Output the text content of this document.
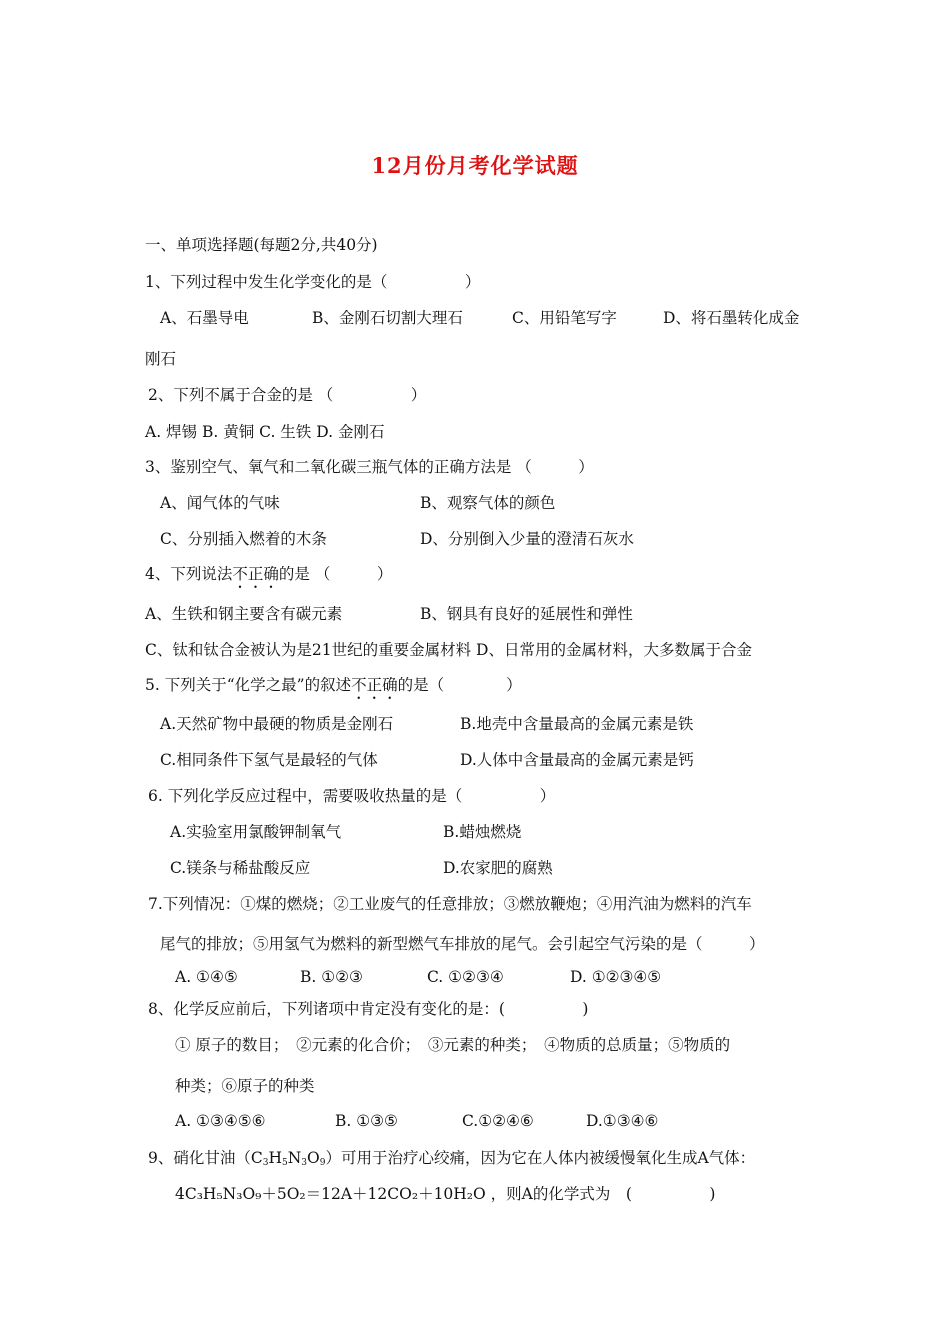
12月份月考化学试题
一、单项选择题(每题2分,共40分)
1、下列过程中发生化学变化的是（　　　　　）
A、石墨导电	B、金刚石切割大理石	C、用铅笔写字	D、将石墨转化成金
刚石
2、下列不属于合金的是 （　　　　　）
A. 焊锡 B. 黄铜 C. 生铁 D. 金刚石
3、鉴别空气、氧气和二氧化碳三瓶气体的正确方法是 （　　　）
A、闻气体的气味	B、观察气体的颜色
C、分别插入燃着的木条	D、分别倒入少量的澄清石灰水
4、下列说法不正确的是 （　　　）
A、生铁和钢主要含有碳元素	B、钢具有良好的延展性和弹性
C、钛和钛合金被认为是21世纪的重要金属材料 D、日常用的金属材料，大多数属于合金
5. 下列关于“化学之最”的叙述不正确的是（　　　　）
A.天然矿物中最硬的物质是金刚石	B.地壳中含量最高的金属元素是铁
C.相同条件下氢气是最轻的气体	D.人体中含量最高的金属元素是钙
6. 下列化学反应过程中，需要吸收热量的是（　　　　　）
A.实验室用氯酸钾制氧气	B.蜡烛燃烧
C.镁条与稀盐酸反应	D.农家肥的腐熟
7.下列情况：①煤的燃烧；②工业废气的任意排放；③燃放鞭炮；④用汽油为燃料的汽车
尾气的排放；⑤用氢气为燃料的新型燃气车排放的尾气。会引起空气污染的是（　　　）
A. ①④⑤	B. ①②③	C. ①②③④	D. ①②③④⑤
8、化学反应前后，下列诸项中肯定没有变化的是：(　　　　　)
① 原子的数目；　②元素的化合价；　③元素的种类；　④物质的总质量；⑤物质的
种类；⑥原子的种类
A. ①③④⑤⑥	B. ①③⑤	C.①②④⑥	D.①③④⑥
9、硝化甘油$(C_3H_5N_3O_9)$可用于治疗心绞痛，因为它在人体内被缓慢氧化生成A气体：
4C₃H₅N₃O₉＋5O₂＝12A＋12CO₂＋10H₂O ，则A的化学式为　(　　　　　)
